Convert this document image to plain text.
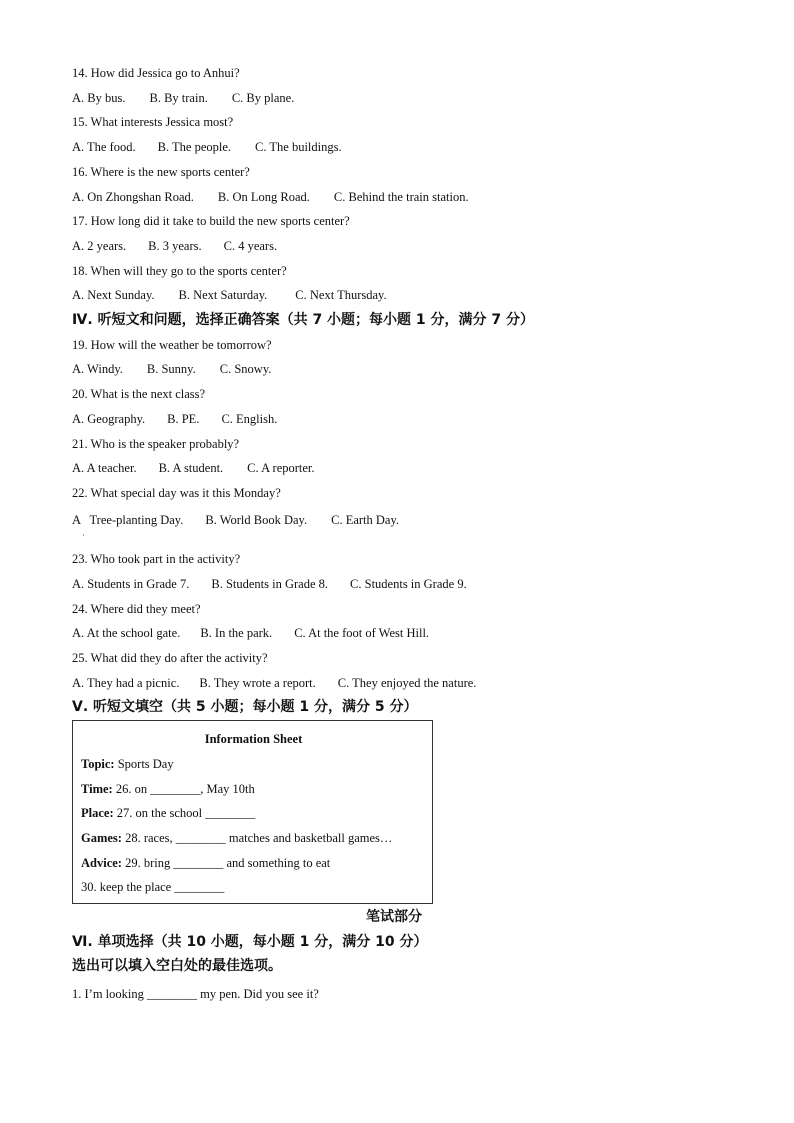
14. How did Jessica go to Anhui?
A. By bus. B. By train. C. By plane.
15. What interests Jessica most?
A. The food. B. The people. C. The buildings.
16. Where is the new sports center?
A. On Zhongshan Road. B. On Long Road. C. Behind the train station.
17. How long did it take to build the new sports center?
A. 2 years. B. 3 years. C. 4 years.
18. When will they go to the sports center?
A. Next Sunday. B. Next Saturday. C. Next Thursday.
Ⅳ. 听短文和问题，选择正确答案（共 7 小题；每小题 1 分，满分 7 分）
19. How will the weather be tomorrow?
A. Windy. B. Sunny. C. Snowy.
20. What is the next class?
A. Geography. B. PE. C. English.
21. Who is the speaker probably?
A. A teacher. B. A student. C. A reporter.
22. What special day was it this Monday?
A   Tree-planting Day. B. World Book Day. C. Earth Day.
·
23. Who took part in the activity?
A. Students in Grade 7. B. Students in Grade 8. C. Students in Grade 9.
24. Where did they meet?
A. At the school gate. B. In the park. C. At the foot of West Hill.
25. What did they do after the activity?
A. They had a picnic. B. They wrote a report. C. They enjoyed the nature.
Ⅴ. 听短文填空（共 5 小题；每小题 1 分，满分 5 分）
Information Sheet
Topic: Sports Day
Time: 26. on ________, May 10th
Place: 27. on the school ________
Games: 28. races, ________ matches and basketball games…
Advice: 29. bring ________ and something to eat
30. keep the place ________
笔试部分
Ⅵ. 单项选择（共 10 小题，每小题 1 分，满分 10 分）
选出可以填入空白处的最佳选项。
1. I’m looking ________ my pen. Did you see it?
